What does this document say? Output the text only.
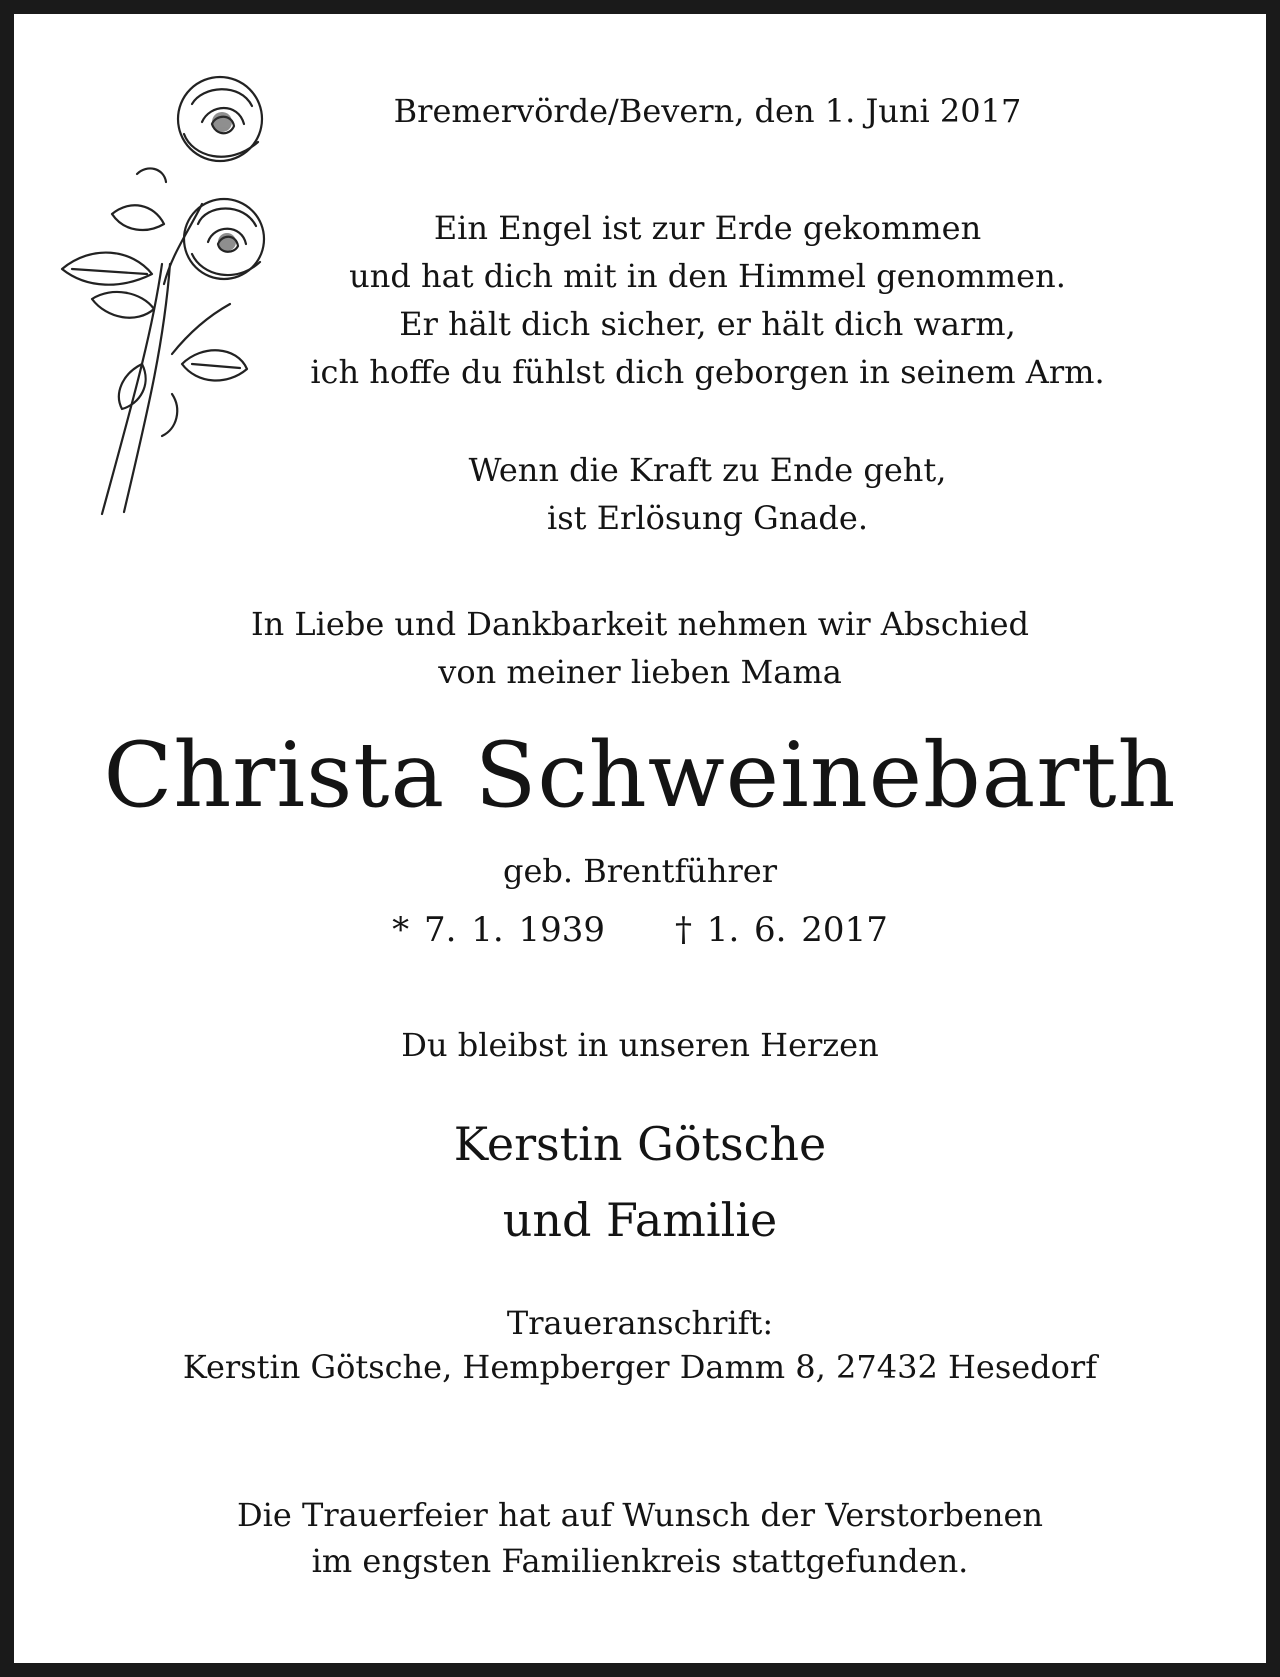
Bremervörde/Bevern, den 1. Juni 2017
Ein Engel ist zur Erde gekommen
und hat dich mit in den Himmel genommen.
Er hält dich sicher, er hält dich warm,
ich hoffe du fühlst dich geborgen in seinem Arm.
Wenn die Kraft zu Ende geht,
ist Erlösung Gnade.
In Liebe und Dankbarkeit nehmen wir Abschied
von meiner lieben Mama
Christa Schweinebarth
geb. Brentführer
* 7. 1. 1939 † 1. 6. 2017
Du bleibst in unseren Herzen
Kerstin Götsche
und Familie
Traueranschrift:
Kerstin Götsche, Hempberger Damm 8, 27432 Hesedorf
Die Trauerfeier hat auf Wunsch der Verstorbenen
im engsten Familienkreis stattgefunden.
